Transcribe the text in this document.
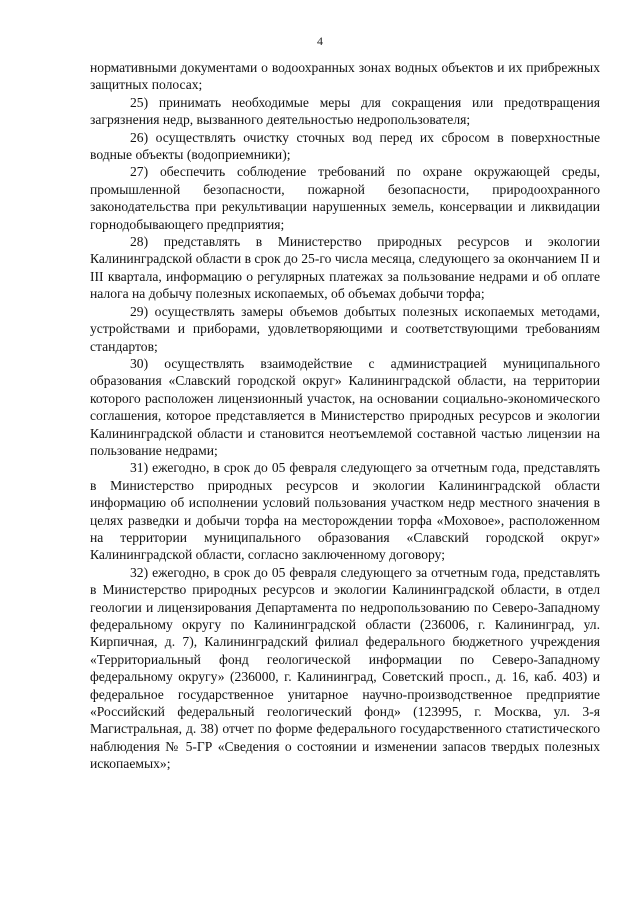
4

нормативными документами о водоохранных зонах водных объектов и их прибрежных защитных полосах;

25) принимать необходимые меры для сокращения или предотвращения загрязнения недр, вызванного деятельностью недропользователя;

26) осуществлять очистку сточных вод перед их сбросом в поверхностные водные объекты (водоприемники);

27) обеспечить соблюдение требований по охране окружающей среды, промышленной безопасности, пожарной безопасности, природоохранного законодательства при рекультивации нарушенных земель, консервации и ликвидации горнодобывающего предприятия;

28) представлять в Министерство природных ресурсов и экологии Калининградской области в срок до 25-го числа месяца, следующего за окончанием II и III квартала, информацию о регулярных платежах за пользование недрами и об оплате налога на добычу полезных ископаемых, об объемах добычи торфа;

29) осуществлять замеры объемов добытых полезных ископаемых методами, устройствами и приборами, удовлетворяющими и соответствующими требованиям стандартов;

30) осуществлять взаимодействие с администрацией муниципального образования «Славский городской округ» Калининградской области, на территории которого расположен лицензионный участок, на основании социально-экономического соглашения, которое представляется в Министерство природных ресурсов и экологии Калининградской области и становится неотъемлемой составной частью лицензии на пользование недрами;

31) ежегодно, в срок до 05 февраля следующего за отчетным года, представлять в Министерство природных ресурсов и экологии Калининградской области информацию об исполнении условий пользования участком недр местного значения в целях разведки и добычи торфа на месторождении торфа «Моховое», расположенном на территории муниципального образования «Славский городской округ» Калининградской области, согласно заключенному договору;

32) ежегодно, в срок до 05 февраля следующего за отчетным года, представлять в Министерство природных ресурсов и экологии Калининградской области, в отдел геологии и лицензирования Департамента по недропользованию по Северо-Западному федеральному округу по Калининградской области (236006, г. Калининград, ул. Кирпичная, д. 7), Калининградский филиал федерального бюджетного учреждения «Территориальный фонд геологической информации по Северо-Западному федеральному округу» (236000, г. Калининград, Советский просп., д. 16, каб. 403) и федеральное государственное унитарное научно-производственное предприятие «Российский федеральный геологический фонд» (123995, г. Москва, ул. 3-я Магистральная, д. 38) отчет по форме федерального государственного статистического наблюдения № 5-ГР «Сведения о состоянии и изменении запасов твердых полезных ископаемых»;
